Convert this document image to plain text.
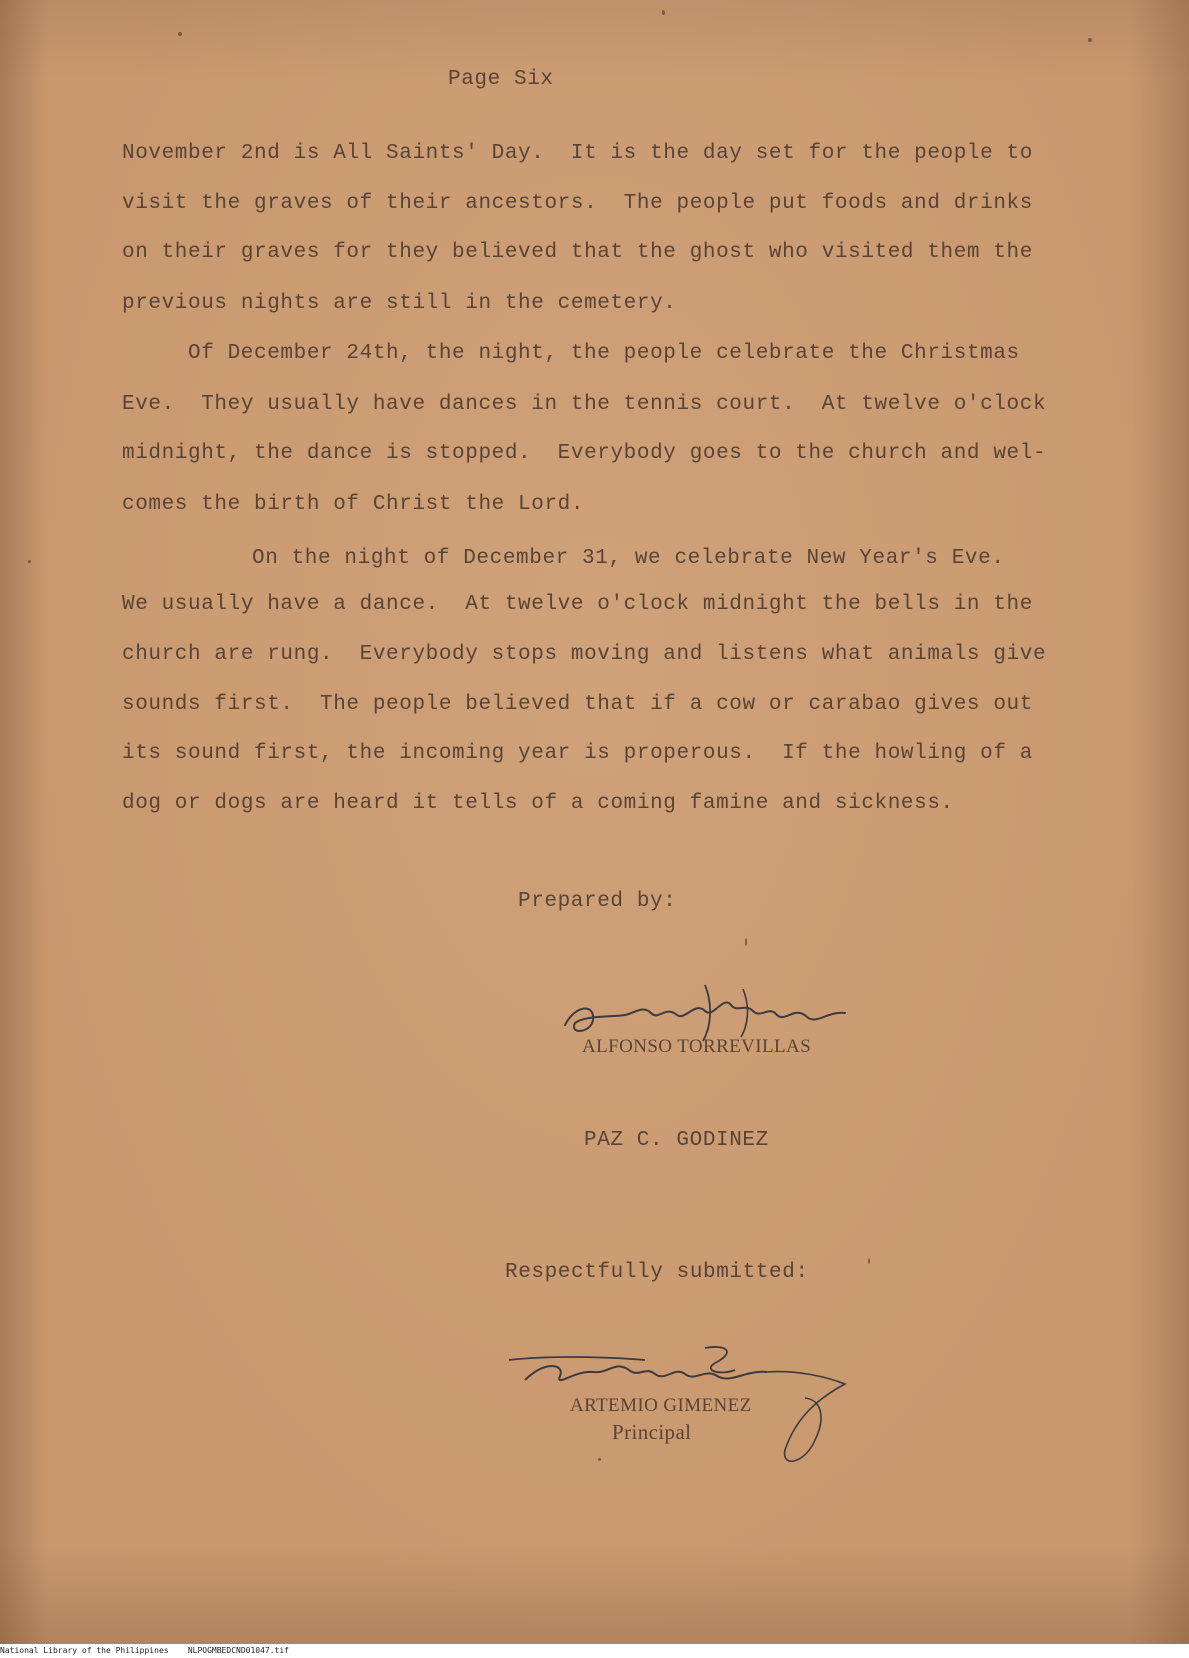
Page Six
November 2nd is All Saints' Day.  It is the day set for the people to
visit the graves of their ancestors.  The people put foods and drinks
on their graves for they believed that the ghost who visited them the
previous nights are still in the cemetery.
Of December 24th, the night, the people celebrate the Christmas
Eve.  They usually have dances in the tennis court.  At twelve o'clock
midnight, the dance is stopped.  Everybody goes to the church and wel-
comes the birth of Christ the Lord.
On the night of December 31, we celebrate New Year's Eve.
We usually have a dance.  At twelve o'clock midnight the bells in the
church are rung.  Everybody stops moving and listens what animals give
sounds first.  The people believed that if a cow or carabao gives out
its sound first, the incoming year is properous.  If the howling of a
dog or dogs are heard it tells of a coming famine and sickness.
Prepared by:
ALFONSO TORREVILLAS
PAZ C. GODINEZ
Respectfully submitted:
ARTEMIO GIMENEZ
Principal
National Library of the Philippines NLPOGMBEDCND01047.tif
